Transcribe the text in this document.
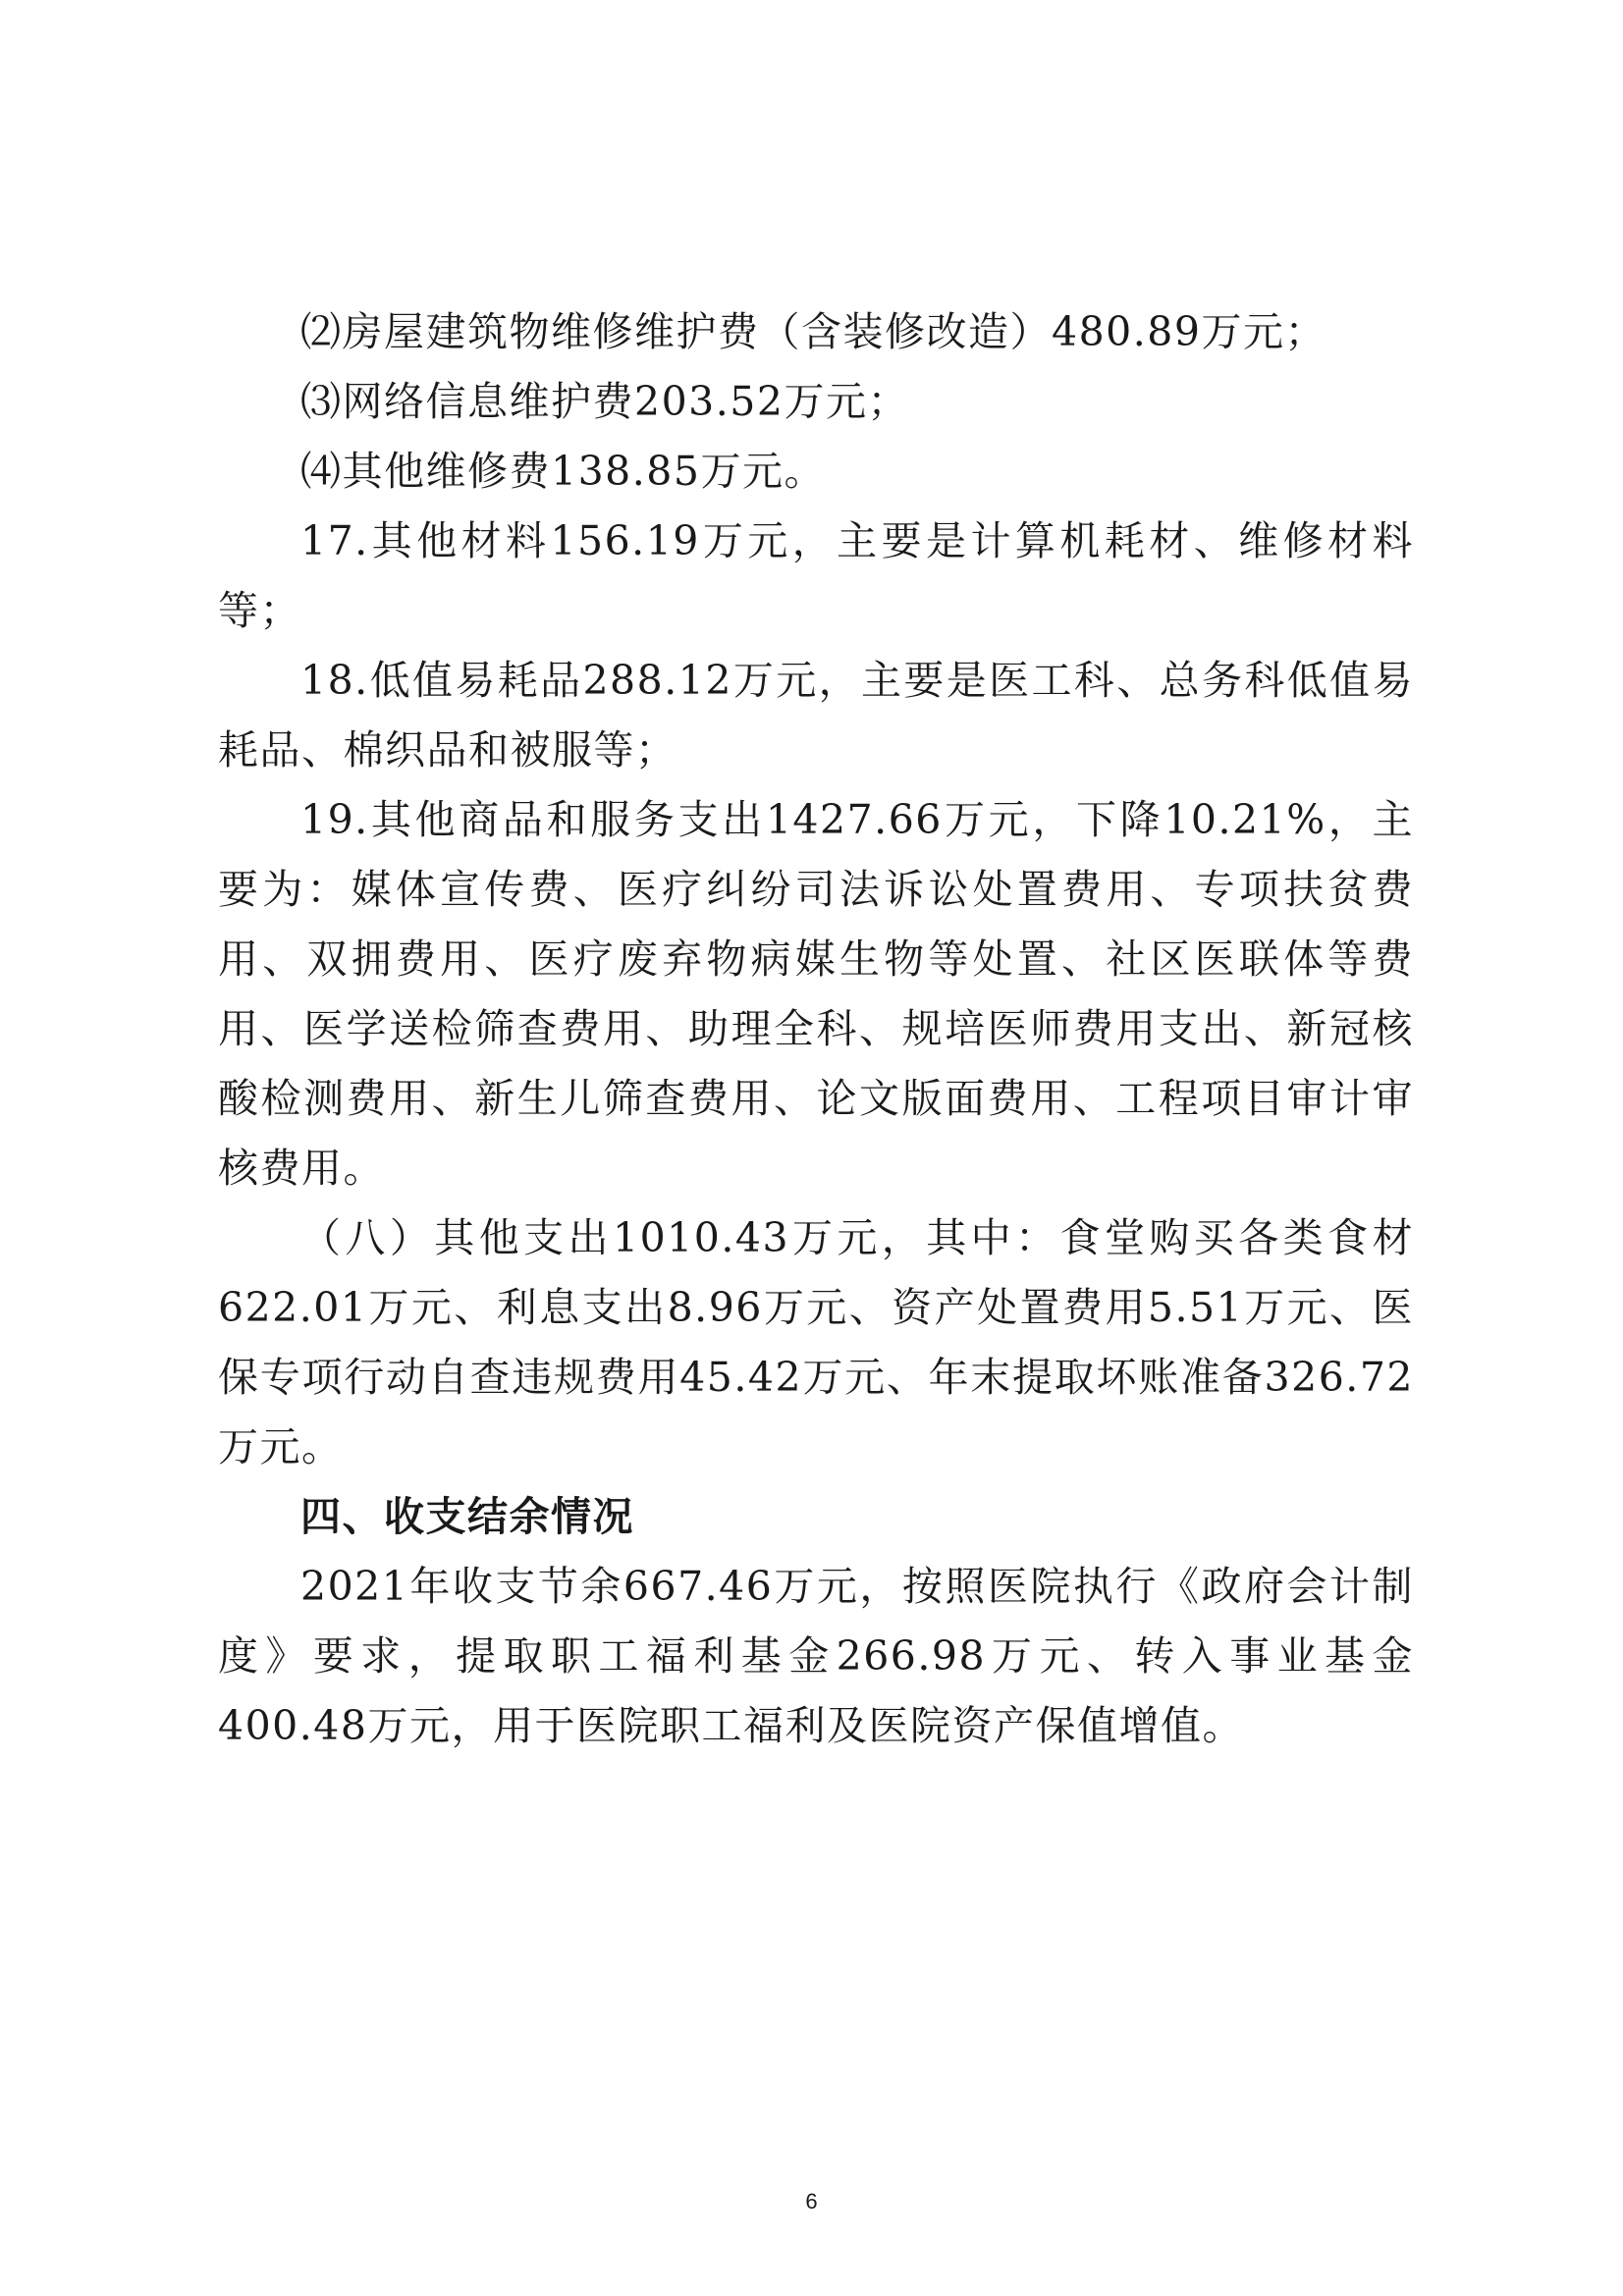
⑵房屋建筑物维修维护费（含装修改造）480.89万元；

⑶网络信息维护费203.52万元；

⑷其他维修费138.85万元。

17.其他材料156.19万元，主要是计算机耗材、维修材料等；

18.低值易耗品288.12万元，主要是医工科、总务科低值易耗品、棉织品和被服等；

19.其他商品和服务支出1427.66万元，下降10.21%，主要为：媒体宣传费、医疗纠纷司法诉讼处置费用、专项扶贫费用、双拥费用、医疗废弃物病媒生物等处置、社区医联体等费用、医学送检筛查费用、助理全科、规培医师费用支出、新冠核酸检测费用、新生儿筛查费用、论文版面费用、工程项目审计审核费用。

（八）其他支出1010.43万元，其中：食堂购买各类食材622.01万元、利息支出8.96万元、资产处置费用5.51万元、医保专项行动自查违规费用45.42万元、年末提取坏账准备326.72万元。

四、收支结余情况

2021年收支节余667.46万元，按照医院执行《政府会计制度》要求，提取职工福利基金266.98万元、转入事业基金400.48万元，用于医院职工福利及医院资产保值增值。

6
